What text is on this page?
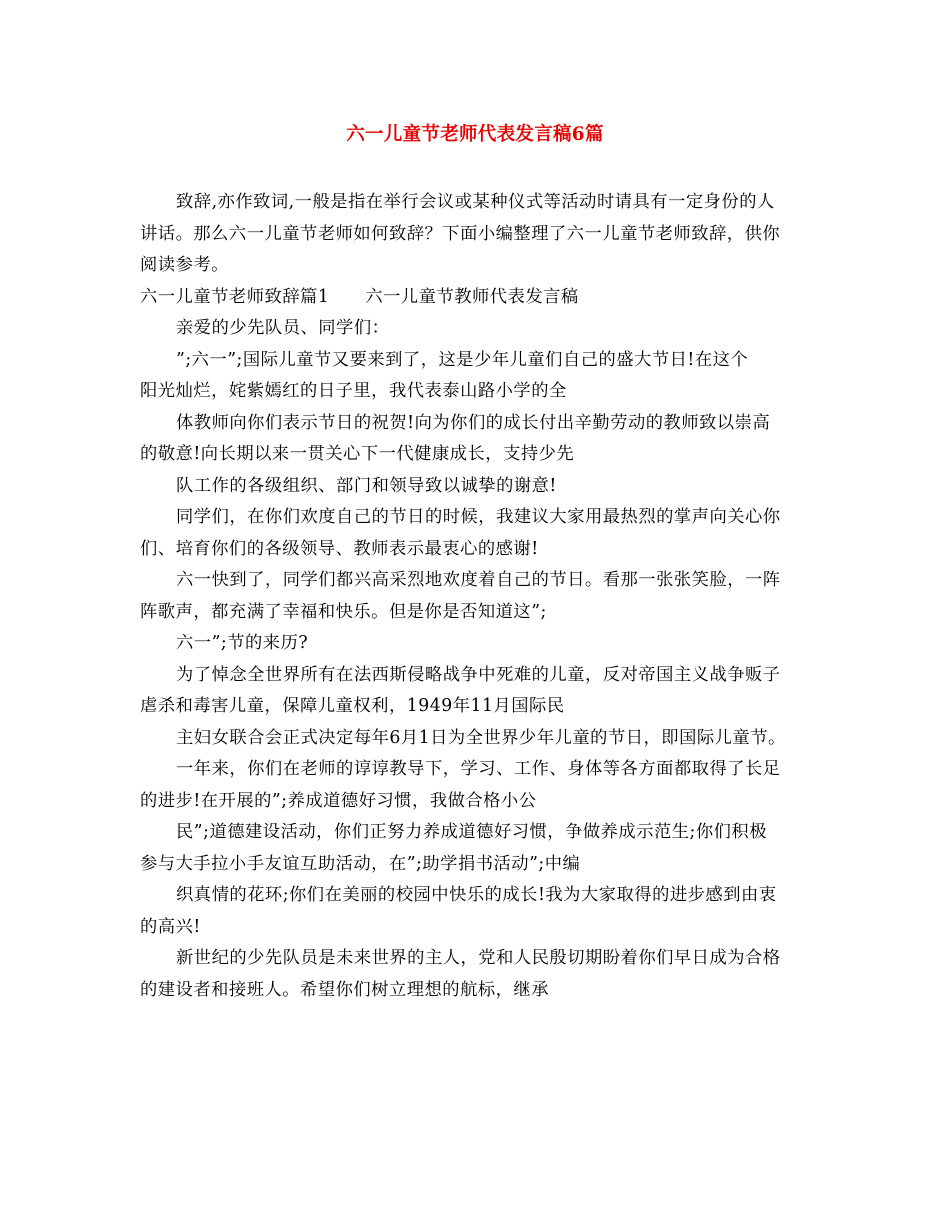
六一儿童节老师代表发言稿6篇
致辞,亦作致词,一般是指在举行会议或某种仪式等活动时请具有一定身份的人
讲话。那么六一儿童节老师如何致辞？下面小编整理了六一儿童节老师致辞，供你
阅读参考。
六一儿童节老师致辞篇1 六一儿童节教师代表发言稿
亲爱的少先队员、同学们：
”;六一”;国际儿童节又要来到了，这是少年儿童们自己的盛大节日!在这个
阳光灿烂，姹紫嫣红的日子里，我代表泰山路小学的全
体教师向你们表示节日的祝贺!向为你们的成长付出辛勤劳动的教师致以崇高
的敬意!向长期以来一贯关心下一代健康成长，支持少先
队工作的各级组织、部门和领导致以诚挚的谢意!
同学们，在你们欢度自己的节日的时候，我建议大家用最热烈的掌声向关心你
们、培育你们的各级领导、教师表示最衷心的感谢!
六一快到了，同学们都兴高采烈地欢度着自己的节日。看那一张张笑脸，一阵
阵歌声，都充满了幸福和快乐。但是你是否知道这”;
六一”;节的来历?
为了悼念全世界所有在法西斯侵略战争中死难的儿童，反对帝国主义战争贩子
虐杀和毒害儿童，保障儿童权利，1949年11月国际民
主妇女联合会正式决定每年6月1日为全世界少年儿童的节日，即国际儿童节。
一年来，你们在老师的谆谆教导下，学习、工作、身体等各方面都取得了长足
的进步!在开展的”;养成道德好习惯，我做合格小公
民”;道德建设活动，你们正努力养成道德好习惯，争做养成示范生;你们积极
参与大手拉小手友谊互助活动，在”;助学捐书活动”;中编
织真情的花环;你们在美丽的校园中快乐的成长!我为大家取得的进步感到由衷
的高兴!
新世纪的少先队员是未来世界的主人，党和人民殷切期盼着你们早日成为合格
的建设者和接班人。希望你们树立理想的航标，继承
